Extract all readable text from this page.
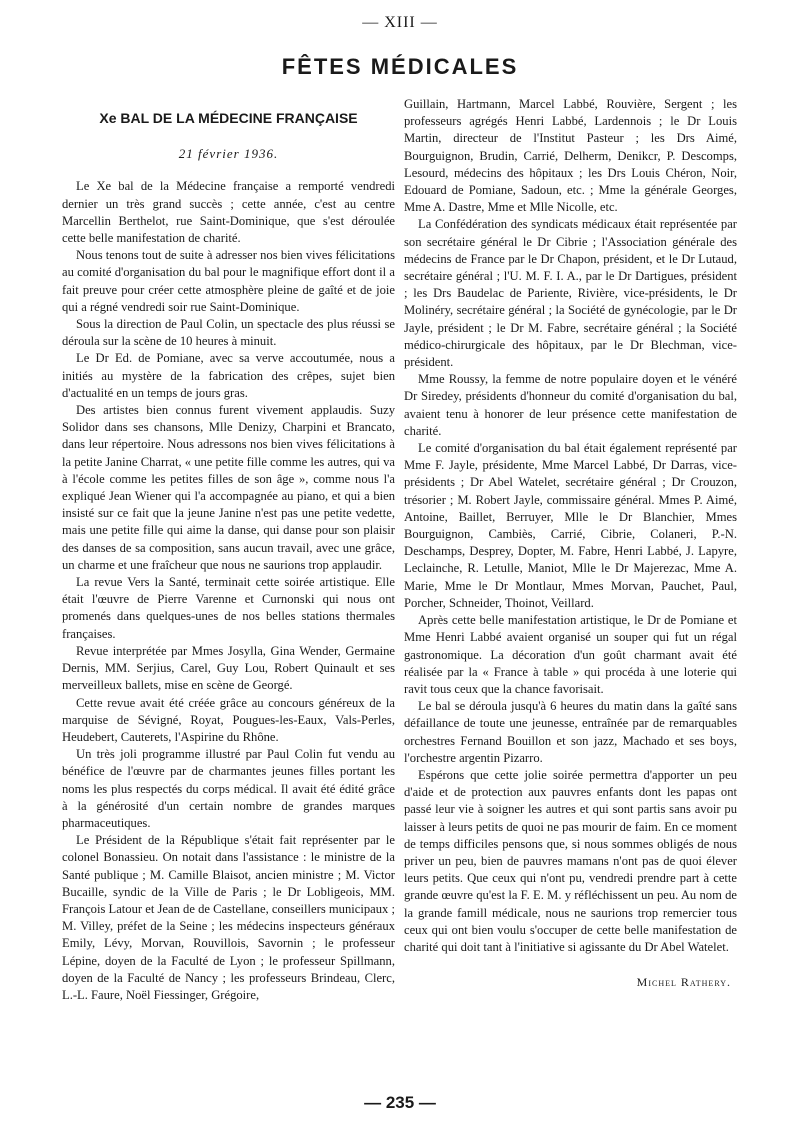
— XIII —
FÊTES MÉDICALES
Xe BAL DE LA MÉDECINE FRANÇAISE
21 février 1936.

Le Xe bal de la Médecine française a remporté vendredi dernier un très grand succès ; cette année, c'est au centre Marcellin Berthelot, rue Saint-Dominique, que s'est déroulée cette belle manifestation de charité.

Nous tenons tout de suite à adresser nos bien vives félicitations au comité d'organisation du bal pour le magnifique effort dont il a fait preuve pour créer cette atmosphère pleine de gaîté et de joie qui a régné vendredi soir rue Saint-Dominique.

Sous la direction de Paul Colin, un spectacle des plus réussi se déroula sur la scène de 10 heures à minuit.

Le Dr Ed. de Pomiane, avec sa verve accoutumée, nous a initiés au mystère de la fabrication des crêpes, sujet bien d'actualité en un temps de jours gras.

Des artistes bien connus furent vivement applaudis. Suzy Solidor dans ses chansons, Mlle Denizy, Charpini et Brancato, dans leur répertoire. Nous adressons nos bien vives félicitations à la petite Janine Charrat, « une petite fille comme les autres, qui va à l'école comme les petites filles de son âge », comme nous l'a expliqué Jean Wiener qui l'a accompagnée au piano, et qui a bien insisté sur ce fait que la jeune Janine n'est pas une petite vedette, mais une petite fille qui aime la danse, qui danse pour son plaisir des danses de sa composition, sans aucun travail, avec une grâce, un charme et une fraîcheur que nous ne saurions trop applaudir.

La revue Vers la Santé, terminait cette soirée artistique. Elle était l'œuvre de Pierre Varenne et Curnonski qui nous ont promenés dans quelques-unes de nos belles stations thermales françaises.

Revue interprétée par Mmes Josylla, Gina Wender, Germaine Dernis, MM. Serjius, Carel, Guy Lou, Robert Quinault et ses merveilleux ballets, mise en scène de Georgé.

Cette revue avait été créée grâce au concours généreux de la marquise de Sévigné, Royat, Pougues-les-Eaux, Vals-Perles, Heudebert, Cauterets, l'Aspirine du Rhône.

Un très joli programme illustré par Paul Colin fut vendu au bénéfice de l'œuvre par de charmantes jeunes filles portant les noms les plus respectés du corps médical. Il avait été édité grâce à la générosité d'un certain nombre de grandes marques pharmaceutiques.

Le Président de la République s'était fait représenter par le colonel Bonassieu. On notait dans l'assistance : le ministre de la Santé publique ; M. Camille Blaisot, ancien ministre ; M. Victor Bucaille, syndic de la Ville de Paris ; le Dr Lobligeois, MM. François Latour et Jean de de Castellane, conseillers municipaux ; M. Villey, préfet de la Seine ; les médecins inspecteurs généraux Emily, Lévy, Morvan, Rouvillois, Savornin ; le professeur Lépine, doyen de la Faculté de Lyon ; le professeur Spillmann, doyen de la Faculté de Nancy ; les professeurs Brindeau, Clerc, L.-L. Faure, Noël Fiessinger, Grégoire,

Guillain, Hartmann, Marcel Labbé, Rouvière, Sergent ; les professeurs agrégés Henri Labbé, Lardennois ; le Dr Louis Martin, directeur de l'Institut Pasteur ; les Drs Aimé, Bourguignon, Brudin, Carrié, Delherm, Denikcr, P. Descomps, Lesourd, médecins des hôpitaux ; les Drs Louis Chéron, Noir, Edouard de Pomiane, Sadoun, etc. ; Mme la générale Georges, Mme A. Dastre, Mme et Mlle Nicolle, etc.

La Confédération des syndicats médicaux était représentée par son secrétaire général le Dr Cibrie ; l'Association générale des médecins de France par le Dr Chapon, président, et le Dr Lutaud, secrétaire général ; l'U. M. F. I. A., par le Dr Dartigues, président ; les Drs Baudelac de Pariente, Rivière, vice-présidents, le Dr Molinéry, secrétaire général ; la Société de gynécologie, par le Dr Jayle, président ; le Dr M. Fabre, secrétaire général ; la Société médico-chirurgicale des hôpitaux, par le Dr Blechman, vice-président.

Mme Roussy, la femme de notre populaire doyen et le vénéré Dr Siredey, présidents d'honneur du comité d'organisation du bal, avaient tenu à honorer de leur présence cette manifestation de charité.

Le comité d'organisation du bal était également représenté par Mme F. Jayle, présidente, Mme Marcel Labbé, Dr Darras, vice-présidents ; Dr Abel Watelet, secrétaire général ; Dr Crouzon, trésorier ; M. Robert Jayle, commissaire général. Mmes P. Aimé, Antoine, Baillet, Berruyer, Mlle le Dr Blanchier, Mmes Bourguignon, Cambiès, Carrié, Cibrie, Colaneri, P.-N. Deschamps, Desprey, Dopter, M. Fabre, Henri Labbé, J. Lapyre, Leclainche, R. Letulle, Maniot, Mlle le Dr Majerezac, Mme A. Marie, Mme le Dr Montlaur, Mmes Morvan, Pauchet, Paul, Porcher, Schneider, Thoinot, Veillard.

Après cette belle manifestation artistique, le Dr de Pomiane et Mme Henri Labbé avaient organisé un souper qui fut un régal gastronomique. La décoration d'un goût charmant avait été réalisée par la « France à table » qui procéda à une loterie qui ravit tous ceux que la chance favorisait.

Le bal se déroula jusqu'à 6 heures du matin dans la gaîté sans défaillance de toute une jeunesse, entraînée par de remarquables orchestres Fernand Bouillon et son jazz, Machado et ses boys, l'orchestre argentin Pizarro.

Espérons que cette jolie soirée permettra d'apporter un peu d'aide et de protection aux pauvres enfants dont les papas ont passé leur vie à soigner les autres et qui sont partis sans avoir pu laisser à leurs petits de quoi ne pas mourir de faim. En ce moment de temps difficiles pensons que, si nous sommes obligés de nous priver un peu, bien de pauvres mamans n'ont pas de quoi élever leurs petits. Que ceux qui n'ont pu, vendredi prendre part à cette grande œuvre qu'est la F. E. M. y réfléchissent un peu. Au nom de la grande famill médicale, nous ne saurions trop remercier tous ceux qui ont bien voulu s'occuper de cette belle manifestation de charité qui doit tant à l'initiative si agissante du Dr Abel Watelet.

Michel Rathery.
— 235 —
